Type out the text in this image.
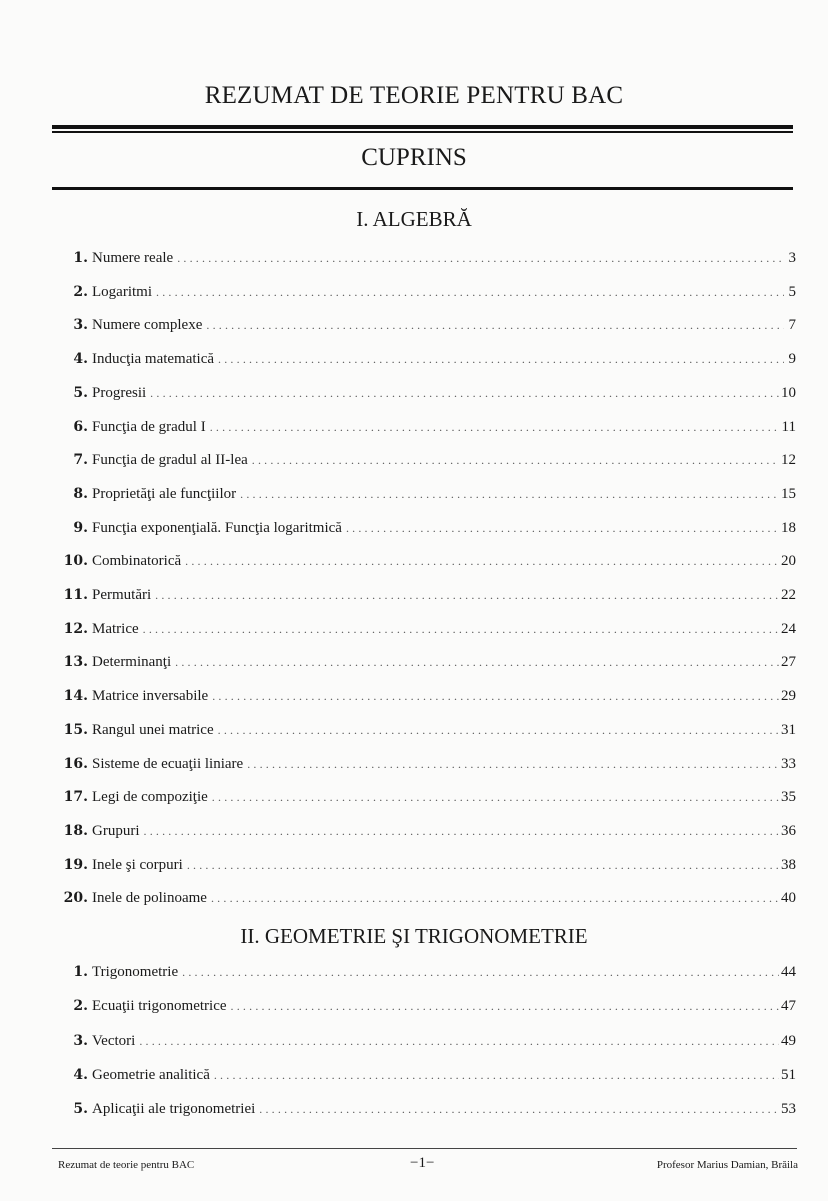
REZUMAT DE TEORIE PENTRU BAC
CUPRINS
I. ALGEBRĂ
1. Numere reale .....	3
2. Logaritmi .....	5
3. Numere complexe .....	7
4. Inducţia matematică .....	9
5. Progresii .....	10
6. Funcţia de gradul I .....	11
7. Funcţia de gradul al II-lea .....	12
8. Proprietăţi ale funcţiilor .....	15
9. Funcţia exponenţială. Funcţia logaritmică .....	18
10. Combinatorică .....	20
11. Permutări .....	22
12. Matrice .....	24
13. Determinanţi .....	27
14. Matrice inversabile .....	29
15. Rangul unei matrice .....	31
16. Sisteme de ecuaţii liniare .....	33
17. Legi de compoziţie .....	35
18. Grupuri .....	36
19. Inele şi corpuri .....	38
20. Inele de polinoame .....	40
II. GEOMETRIE ŞI TRIGONOMETRIE
1. Trigonometrie .....	44
2. Ecuaţii trigonometrice .....	47
3. Vectori .....	49
4. Geometrie analitică .....	51
5. Aplicaţii ale trigonometriei .....	53
Rezumat de teorie pentru BAC	−1−	Profesor Marius Damian, Brăila
